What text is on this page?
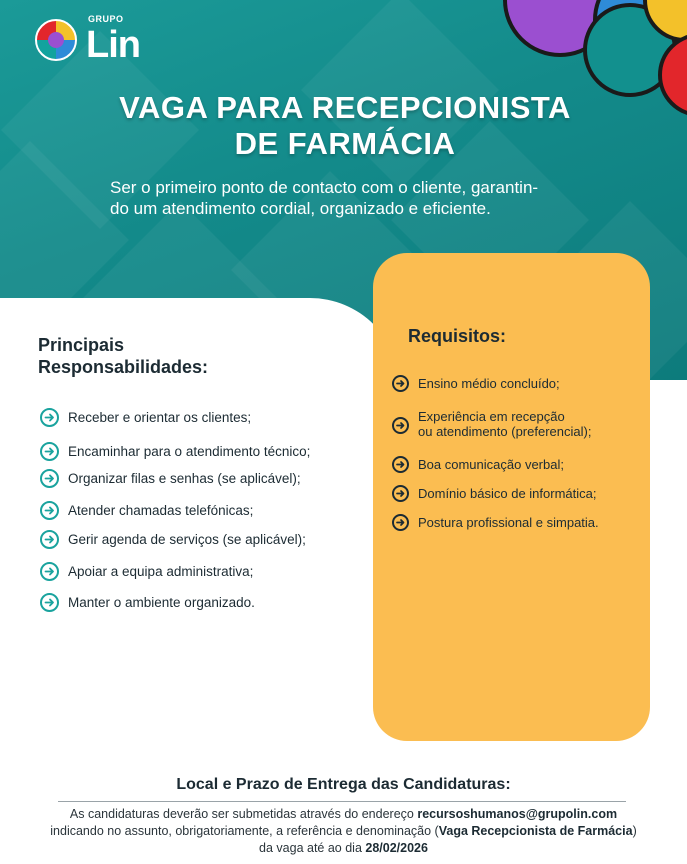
GRUPO
Lin
VAGA PARA RECEPCIONISTA
DE FARMÁCIA
Ser o primeiro ponto de contacto com o cliente, garantin-
do um atendimento cordial, organizado e eficiente.
Principais
Responsabilidades:
Receber e orientar os clientes;
Encaminhar para o atendimento técnico;
Organizar filas e senhas (se aplicável);
Atender chamadas telefónicas;
Gerir agenda de serviços (se aplicável);
Apoiar a equipa administrativa;
Manter o ambiente organizado.
Requisitos:
Ensino médio concluído;
Experiência em recepção
ou atendimento (preferencial);
Boa comunicação verbal;
Domínio básico de informática;
Postura profissional e simpatia.
Local e Prazo de Entrega das Candidaturas:
As candidaturas deverão ser submetidas através do endereço recursoshumanos@grupolin.com
indicando no assunto, obrigatoriamente, a referência e denominação (Vaga Recepcionista de Farmácia)
da vaga até ao dia 28/02/2026
